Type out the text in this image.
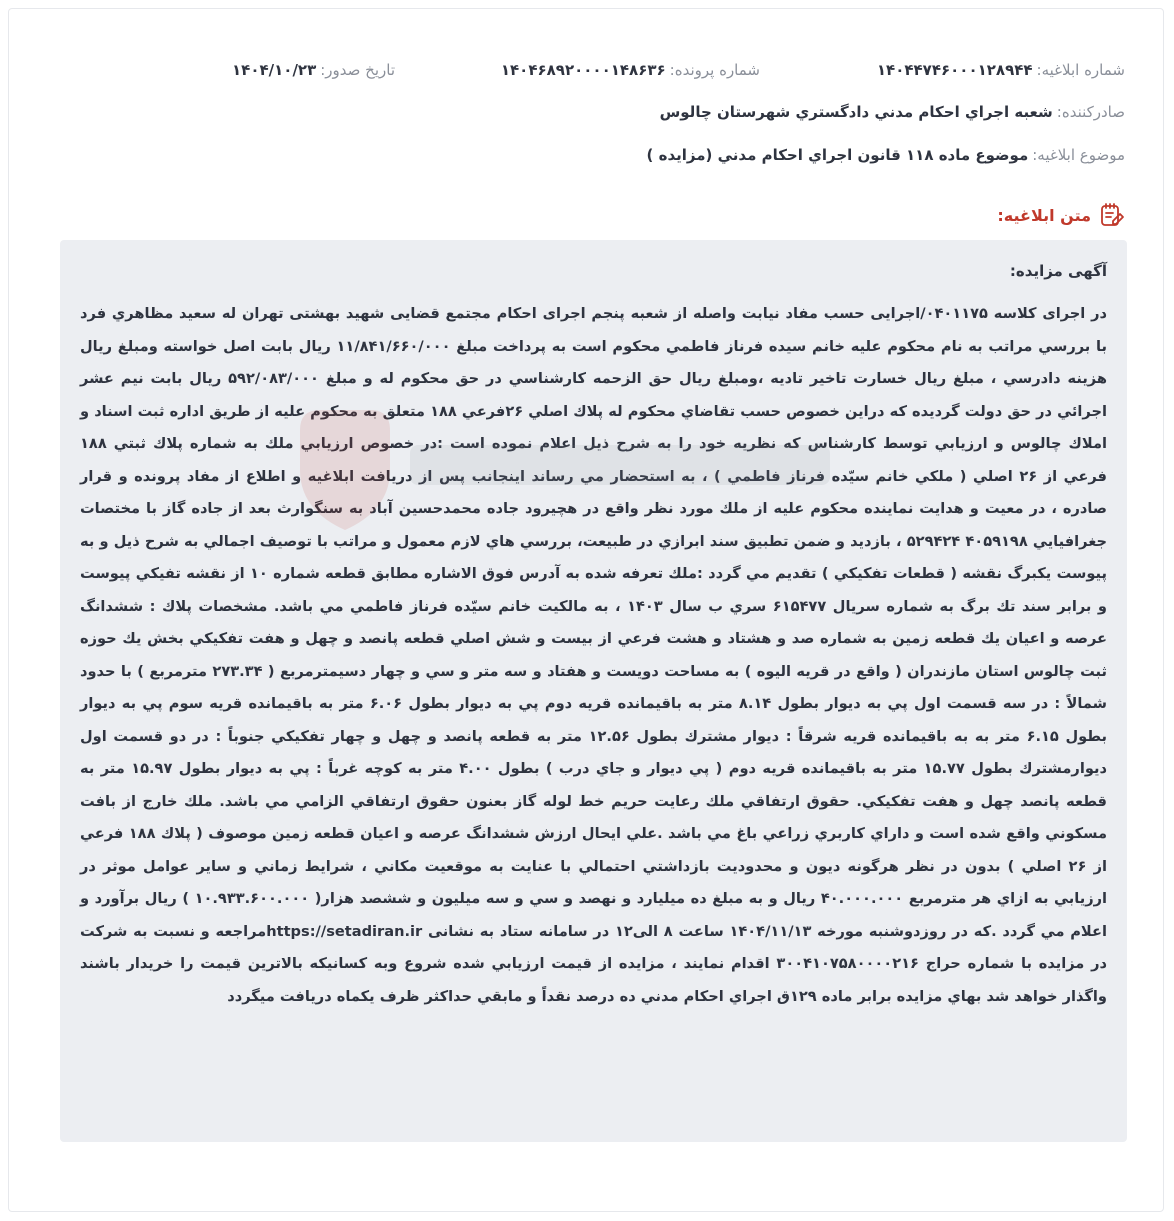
شماره ابلاغیه:
۱۴۰۴۴۷۴۶۰۰۰۱۲۸۹۴۴
شماره پرونده:
۱۴۰۴۶۸۹۲۰۰۰۰۱۴۸۶۳۶
تاریخ صدور:
۱۴۰۴/۱۰/۲۳
صادرکننده:
شعبه اجراي احكام مدني دادگستري شهرستان چالوس
موضوع ابلاغیه:
موضوع ماده ۱۱۸ قانون اجراي احكام مدني (مزايده )
متن ابلاغیه:
آگهی مزایده:

در اجرای کلاسه ۰۴۰۱۱۷۵/اجرایی حسب مفاد نيابت واصله از شعبه پنجم اجرای احکام مجتمع قضايی شهيد بهشتی تهران له سعيد مظاهري فرد با بررسي مراتب به نام محكوم عليه خانم سيده فرناز فاطمي محكوم است به پرداخت مبلغ ۱۱/۸۴۱/۶۶۰/۰۰۰ ريال بابت اصل خواسته ومبلغ ريال هزينه دادرسي ، مبلغ ريال خسارت تاخير تاديه ،ومبلغ ريال حق الزحمه كارشناسي در حق محكوم له و مبلغ ۵۹۲/۰۸۳/۰۰۰ ريال بابت نيم عشر اجرائي در حق دولت گرديده كه دراين خصوص حسب تقاضاي محكوم له پلاك اصلي ۲۶فرعي ۱۸۸ متعلق به محكوم عليه از طريق اداره ثبت اسناد و املاك چالوس و ارزيابي توسط كارشناس كه نظريه خود را به شرح ذيل اعلام نموده است :در خصوص ارزيابي ملك به شماره پلاك ثبتي ۱۸۸ فرعي از ۲۶ اصلي ( ملكي خانم سيّده فرناز فاطمي ) ، به استحضار مي رساند اينجانب پس از دريافت ابلاغيه و اطلاع از مفاد پرونده و قرار صادره ، در معيت و هدايت نماينده محكوم عليه از ملك مورد نظر واقع در هچيرود جاده محمدحسين آباد به سنگوارث بعد از جاده گاز با مختصات جغرافيايي ۴۰۵۹۱۹۸ ۵۲۹۴۲۴ ، بازديد و ضمن تطبيق سند ابرازي در طبيعت، بررسي هاي لازم معمول و مراتب با توصيف اجمالي به شرح ذيل و به پيوست يكبرگ نقشه ( قطعات تفكيكي ) تقديم مي گردد :ملك تعرفه شده به آدرس فوق الاشاره مطابق قطعه شماره ۱۰ از نقشه تفيكي پيوست و برابر سند تك برگ به شماره سريال ۶۱۵۴۷۷ سري ب سال ۱۴۰۳ ، به مالكيت خانم سيّده فرناز فاطمي مي باشد. مشخصات پلاك : ششدانگ عرصه و اعيان يك قطعه زمين به شماره صد و هشتاد و هشت فرعي از بيست و شش اصلي قطعه پانصد و چهل و هفت تفكيكي بخش يك حوزه ثبت چالوس استان مازندران ( واقع در قريه اليوه ) به مساحت دويست و هفتاد و سه متر و سي و چهار دسيمترمربع ( ۲۷۳.۳۴ مترمربع ) با حدود شمالاً : در سه قسمت اول پي به ديوار بطول ۸.۱۴ متر به باقيمانده قريه دوم پي به ديوار بطول ۶.۰۶ متر به باقيمانده قريه سوم پي به ديوار بطول ۶.۱۵ متر به به باقيمانده قريه شرقاً : ديوار مشترك بطول ۱۲.۵۶ متر به قطعه پانصد و چهل و چهار تفكيكي جنوباً : در دو قسمت اول ديوارمشترك بطول ۱۵.۷۷ متر به باقيمانده قريه دوم ( پي ديوار و جاي درب ) بطول ۴.۰۰ متر به كوچه غرباً : پي به ديوار بطول ۱۵.۹۷ متر به قطعه پانصد چهل و هفت تفكيكي. حقوق ارتفاقي ملك رعايت حريم خط لوله گاز بعنون حقوق ارتفاقي الزامي مي باشد. ملك خارج از بافت مسكوني واقع شده است و داراي كاربري زراعي باغ مي باشد .علي ايحال ارزش ششدانگ عرصه و اعيان قطعه زمين موصوف ( پلاك ۱۸۸ فرعي از ۲۶ اصلي ) بدون در نظر هرگونه ديون و محدوديت بازداشتي احتمالي با عنايت به موقعيت مكاني ، شرايط زماني و ساير عوامل موثر در ارزيابي به ازاي هر مترمربع ۴۰.۰۰۰.۰۰۰ ريال و به مبلغ ده ميليارد و نهصد و سي و سه ميليون و ششصد هزار( ۱۰.۹۳۳.۶۰۰.۰۰۰ ) ريال برآورد و اعلام مي گردد .كه در روزدوشنبه مورخه ۱۴۰۴/۱۱/۱۳ ساعت ۸ الی۱۲ در سامانه ستاد به نشانی https://setadiran.irمراجعه و نسبت به شركت در مزايده با شماره حراج ۳۰۰۴۱۰۷۵۸۰۰۰۰۲۱۶ اقدام نمايند ، مزايده از قيمت ارزيابي شده شروع وبه كسانيكه بالاترين قيمت را خريدار باشند واگذار خواهد شد بهاي مزايده برابر ماده ۱۲۹ق اجراي احكام مدني ده درصد نقداً و مابقي حداكثر ظرف يكماه دريافت ميگردد
